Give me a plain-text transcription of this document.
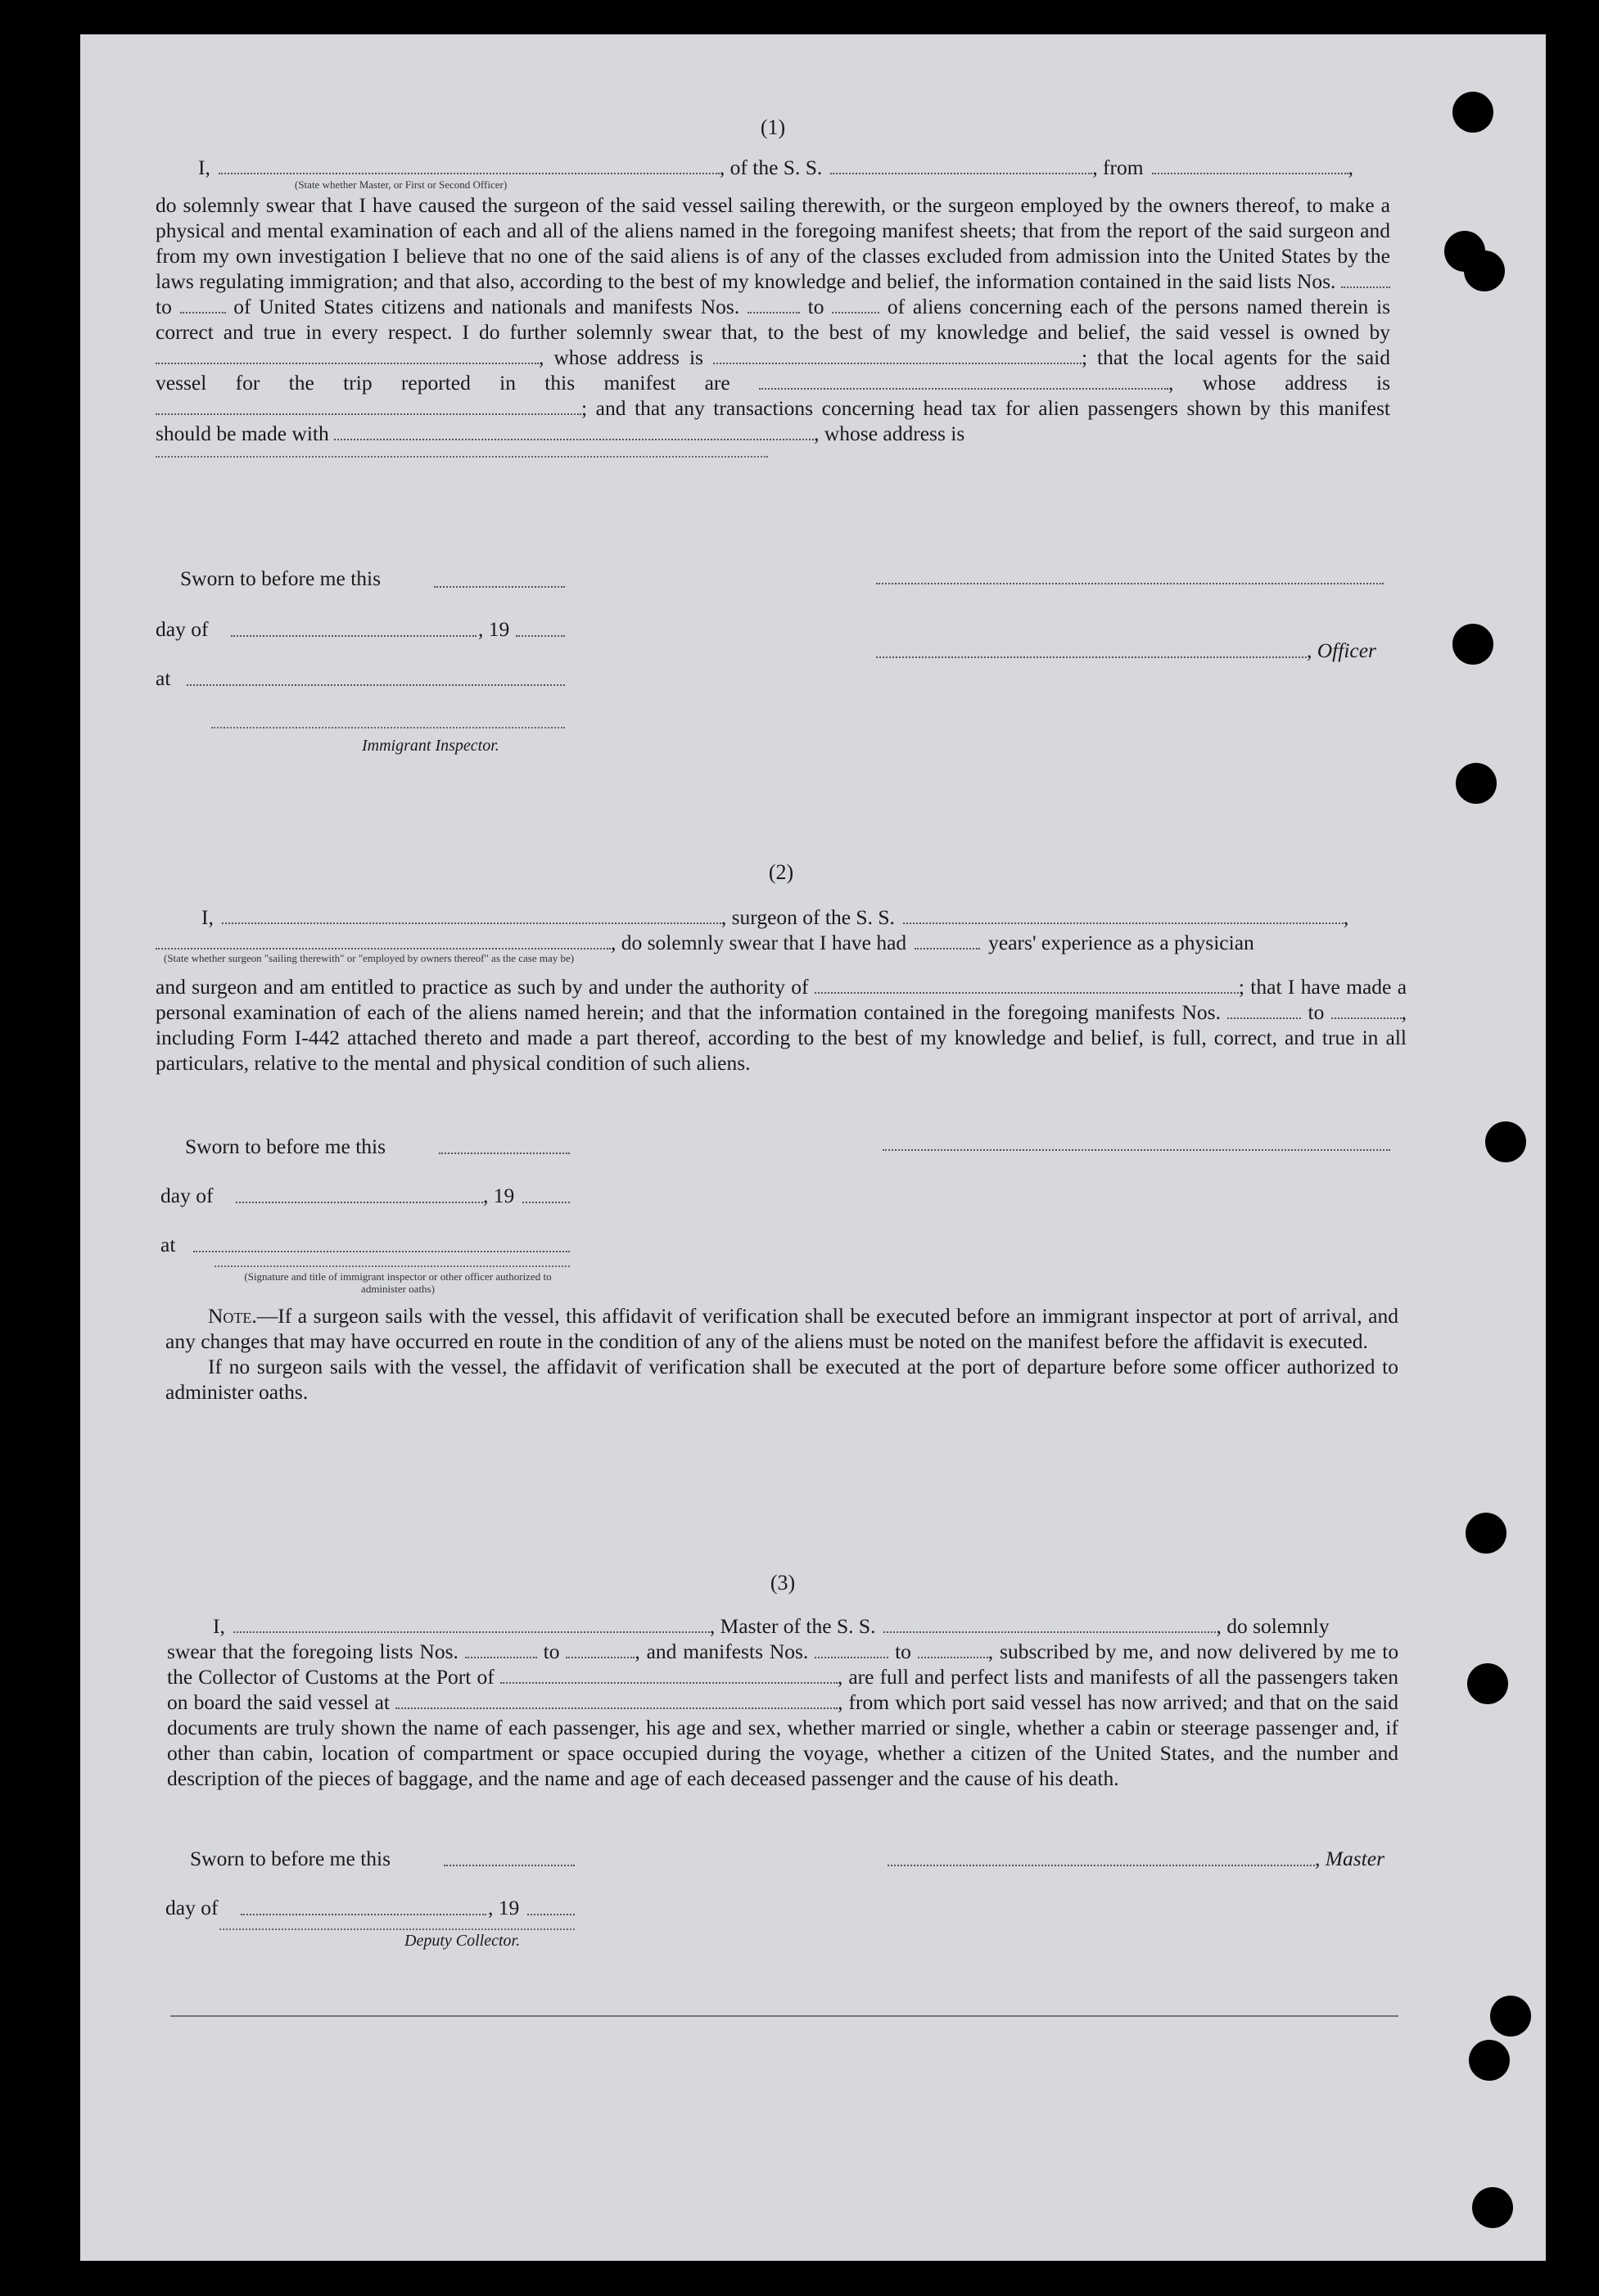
(1)

I,	, of the S. S.	, from	,
(State whether Master, or First or Second Officer)

do solemnly swear that I have caused the surgeon of the said vessel sailing therewith, or the surgeon employed by the owners thereof, to make a physical and mental examination of each and all of the aliens named in the foregoing manifest sheets; that from the report of the said surgeon and from my own investigation I believe that no one of the said aliens is of any of the classes excluded from admission into the United States by the laws regulating immigration; and that also, according to the best of my knowledge and belief, the information contained in the said lists Nos.  to	of United States citizens and nationals and manifests Nos.	to	of aliens concerning each of the persons named therein is correct and true in every respect. I do further solemnly swear that, to the best of my knowledge and belief, the said vessel is owned by , whose address is	; that the local agents for the said vessel for the trip reported in this manifest are	, whose address is ; and that any transactions concerning head tax for alien passengers shown by this manifest should be made with	, whose address is

Sworn to before me this
day of	, 19
, Officer
at
Immigrant Inspector.

(2)

I,	, surgeon of the S. S.	,
, do solemnly swear that I have had	years' experience as a physician
(State whether surgeon "sailing therewith" or "employed by owners thereof" as the case may be)

and surgeon and am entitled to practice as such by and under the authority of	; that I have made a personal examination of each of the aliens named herein; and that the information contained in the foregoing manifests Nos.	to	, including Form I-442 attached thereto and made a part thereof, according to the best of my knowledge and belief, is full, correct, and true in all particulars, relative to the mental and physical condition of such aliens.

Sworn to before me this
day of	, 19
at
(Signature and title of immigrant inspector or other officer authorized to administer oaths)

Note.—If a surgeon sails with the vessel, this affidavit of verification shall be executed before an immigrant inspector at port of arrival, and any changes that may have occurred en route in the condition of any of the aliens must be noted on the manifest before the affidavit is executed.

If no surgeon sails with the vessel, the affidavit of verification shall be executed at the port of departure before some officer authorized to administer oaths.

(3)

I,	, Master of the S. S.	, do solemnly

swear that the foregoing lists Nos.	to	, and manifests Nos.	to	, subscribed by me, and now delivered by me to the Collector of Customs at the Port of	, are full and perfect lists and manifests of all the passengers taken on board the said vessel at	, from which port said vessel has now arrived; and that on the said documents are truly shown the name of each passenger, his age and sex, whether married or single, whether a cabin or steerage passenger and, if other than cabin, location of compartment or space occupied during the voyage, whether a citizen of the United States, and the number and description of the pieces of baggage, and the name and age of each deceased passenger and the cause of his death.

Sworn to before me this	, Master
day of	, 19
Deputy Collector.
